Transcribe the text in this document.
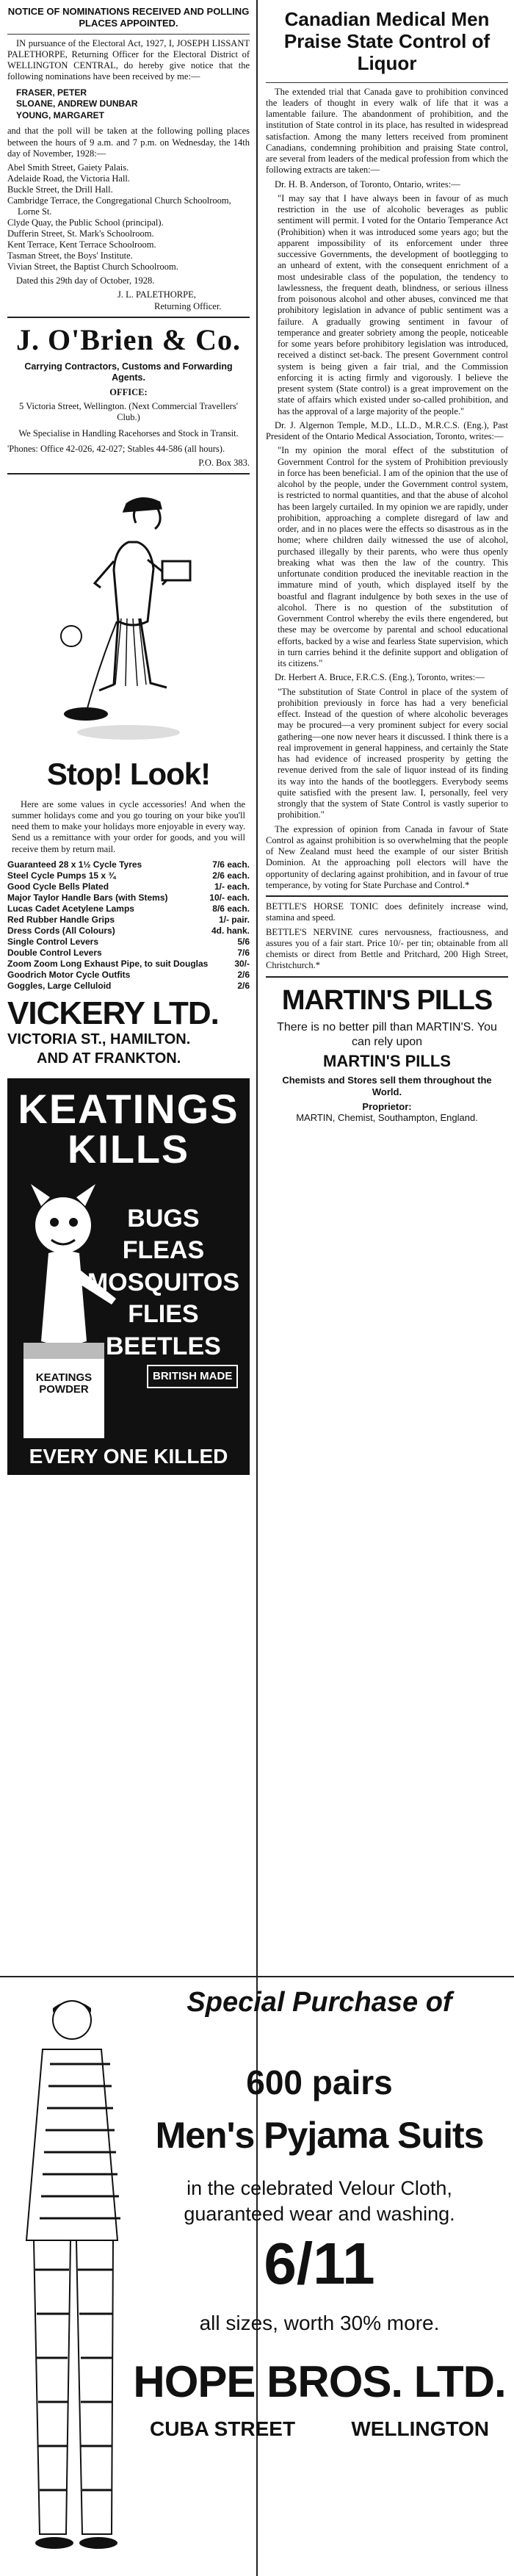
NOTICE OF NOMINATIONS RECEIVED AND POLLING PLACES APPOINTED.

IN pursuance of the Electoral Act, 1927, I, JOSEPH LISSANT PALETHORPE, Returning Officer for the Electoral District of WELLINGTON CENTRAL, do hereby give notice that the following nominations have been received by me:—

FRASER, PETER
SLOANE, ANDREW DUNBAR
YOUNG, MARGARET

and that the poll will be taken at the following polling places between the hours of 9 a.m. and 7 p.m. on Wednesday, the 14th day of November, 1928:—

Abel Smith Street, Gaiety Palais.
Adelaide Road, the Victoria Hall.
Buckle Street, the Drill Hall.
Cambridge Terrace, the Congregational Church Schoolroom, Lorne St.
Clyde Quay, the Public School (principal).
Dufferin Street, St. Mark's Schoolroom.
Kent Terrace, Kent Terrace Schoolroom.
Tasman Street, the Boys' Institute.
Vivian Street, the Baptist Church Schoolroom.

Dated this 29th day of October, 1928.

J. L. PALETHORPE,
Returning Officer.
J. O'Brien & Co.
Carrying Contractors, Customs and Forwarding Agents.
OFFICE:

5 Victoria Street, Wellington. (Next Commercial Travellers' Club.)

We Specialise in Handling Racehorses and Stock in Transit.

'Phones: Office 42-026, 42-027; Stables 44-586 (all hours).

P.O. Box 383.
Stop! Look!

Here are some values in cycle accessories! And when the summer holidays come and you go touring on your bike you'll need them to make your holidays more enjoyable in every way. Send us a remittance with your order for goods, and you will receive them by return mail.

Guaranteed 28 x 1½ Cycle Tyres	7/6 each.
Steel Cycle Pumps 15 x ¾	2/6 each.
Good Cycle Bells Plated	1/- each.
Major Taylor Handle Bars (with Stems)	10/- each.
Lucas Cadet Acetylene Lamps	8/6 each.
Red Rubber Handle Grips	1/- pair.
Dress Cords (All Colours)	4d. hank.
Single Control Levers	5/6
Double Control Levers	7/6
Zoom Zoom Long Exhaust Pipe, to suit Douglas	30/-
Goodrich Motor Cycle Outfits	2/6
Goggles, Large Celluloid	2/6
VICKERY LTD.
VICTORIA ST., HAMILTON.
AND AT FRANKTON.
KEATINGS
KILLS
KEATINGS POWDER
BUGS
FLEAS
MOSQUITOS
FLIES
BEETLES
BRITISH MADE
EVERY ONE KILLED
Canadian Medical Men Praise State Control of Liquor

The extended trial that Canada gave to prohibition convinced the leaders of thought in every walk of life that it was a lamentable failure. The abandonment of prohibition, and the institution of State control in its place, has resulted in widespread satisfaction. Among the many letters received from prominent Canadians, condemning prohibition and praising State control, are several from leaders of the medical profession from which the following extracts are taken:—

Dr. H. B. Anderson, of Toronto, Ontario, writes:—

"I may say that I have always been in favour of as much restriction in the use of alcoholic beverages as public sentiment will permit. I voted for the Ontario Temperance Act (Prohibition) when it was introduced some years ago; but the apparent impossibility of its enforcement under three successive Governments, the development of bootlegging to an unheard of extent, with the consequent enrichment of a most undesirable class of the population, the tendency to lawlessness, the frequent death, blindness, or serious illness from poisonous alcohol and other abuses, convinced me that prohibitory legislation in advance of public sentiment was a failure. A gradually growing sentiment in favour of temperance and greater sobriety among the people, noticeable for some years before prohibitory legislation was introduced, received a distinct set-back. The present Government control system is being given a fair trial, and the Commission enforcing it is acting firmly and vigorously. I believe the present system (State control) is a great improvement on the state of affairs which existed under so-called prohibition, and has the approval of a large majority of the people."

Dr. J. Algernon Temple, M.D., LL.D., M.R.C.S. (Eng.), Past President of the Ontario Medical Association, Toronto, writes:—

"In my opinion the moral effect of the substitution of Government Control for the system of Prohibition previously in force has been beneficial. I am of the opinion that the use of alcohol by the people, under the Government control system, is restricted to normal quantities, and that the abuse of alcohol has been largely curtailed. In my opinion we are rapidly, under prohibition, approaching a complete disregard of law and order, and in no places were the effects so disastrous as in the home; where children daily witnessed the use of alcohol, purchased illegally by their parents, who were thus openly breaking what was then the law of the country. This unfortunate condition produced the inevitable reaction in the immature mind of youth, which displayed itself by the boastful and flagrant indulgence by both sexes in the use of alcohol. There is no question of the substitution of Government Control whereby the evils there engendered, but these may be overcome by parental and school educational efforts, backed by a wise and fearless State supervision, which in turn carries behind it the definite support and obligation of its citizens."

Dr. Herbert A. Bruce, F.R.C.S. (Eng.), Toronto, writes:—

"The substitution of State Control in place of the system of prohibition previously in force has had a very beneficial effect. Instead of the question of where alcoholic beverages may be procured—a very prominent subject for every social gathering—one now never hears it discussed. I think there is a real improvement in general happiness, and certainly the State has had evidence of increased prosperity by getting the revenue derived from the sale of liquor instead of its finding its way into the hands of the bootleggers. Everybody seems quite satisfied with the present law. I, personally, feel very strongly that the system of State Control is vastly superior to prohibition."

The expression of opinion from Canada in favour of State Control as against prohibition is so overwhelming that the people of New Zealand must heed the example of our sister British Dominion. At the approaching poll electors will have the opportunity of declaring against prohibition, and in favour of true temperance, by voting for State Purchase and Control.*

BETTLE'S HORSE TONIC does definitely increase wind, stamina and speed.

BETTLE'S NERVINE cures nervousness, fractiousness, and assures you of a fair start. Price 10/- per tin; obtainable from all chemists or direct from Bettle and Pritchard, 200 High Street, Christchurch.*

MARTIN'S PILLS
There is no better pill than MARTIN'S. You can rely upon
MARTIN'S PILLS
Chemists and Stores sell them throughout the World.
Proprietor:
MARTIN, Chemist, Southampton, England.
Special Purchase of
600 pairs
Men's Pyjama Suits
in the celebrated Velour Cloth,
guaranteed wear and washing.
6/11
all sizes, worth 30% more.
HOPE BROS. LTD.
CUBA STREET	WELLINGTON
